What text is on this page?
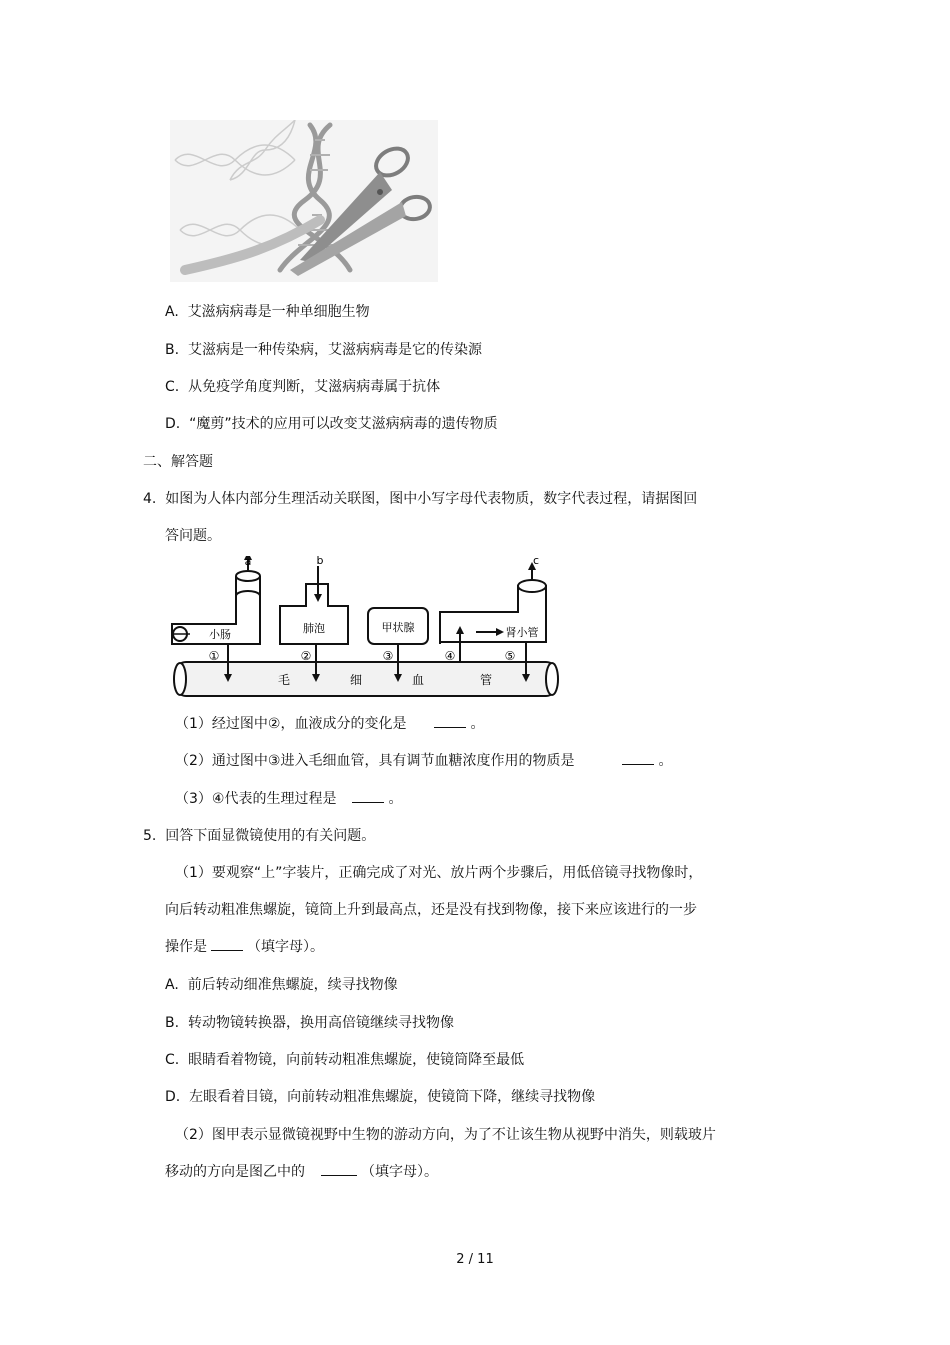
A. 艾滋病病毒是一种单细胞生物
B. 艾滋病是一种传染病，艾滋病病毒是它的传染源
C. 从免疫学角度判断，艾滋病病毒属于抗体
D. “魔剪”技术的应用可以改变艾滋病病毒的遗传物质
二、解答题
4. 如图为人体内部分生理活动关联图，图中小写字母代表物质，数字代表过程，请据图回
答问题。
a	b	c
小肠	肺泡	甲状腺	肾小管
①	②	③	④	⑤
毛	细	血	管
（1）经过图中②，血液成分的变化是	。
（2）通过图中③进入毛细血管，具有调节血糖浓度作用的物质是	。
（3）④代表的生理过程是	。
5. 回答下面显微镜使用的有关问题。
（1）要观察“上”字装片，正确完成了对光、放片两个步骤后，用低倍镜寻找物像时，
向后转动粗准焦螺旋，镜筒上升到最高点，还是没有找到物像，接下来应该进行的一步
操作是	（填字母）。
A. 前后转动细准焦螺旋，续寻找物像
B. 转动物镜转换器，换用高倍镜继续寻找物像
C. 眼睛看着物镜，向前转动粗准焦螺旋，使镜筒降至最低
D. 左眼看着目镜，向前转动粗准焦螺旋，使镜筒下降，继续寻找物像
（2）图甲表示显微镜视野中生物的游动方向，为了不让该生物从视野中消失，则载玻片
移动的方向是图乙中的	（填字母）。
2 / 11
